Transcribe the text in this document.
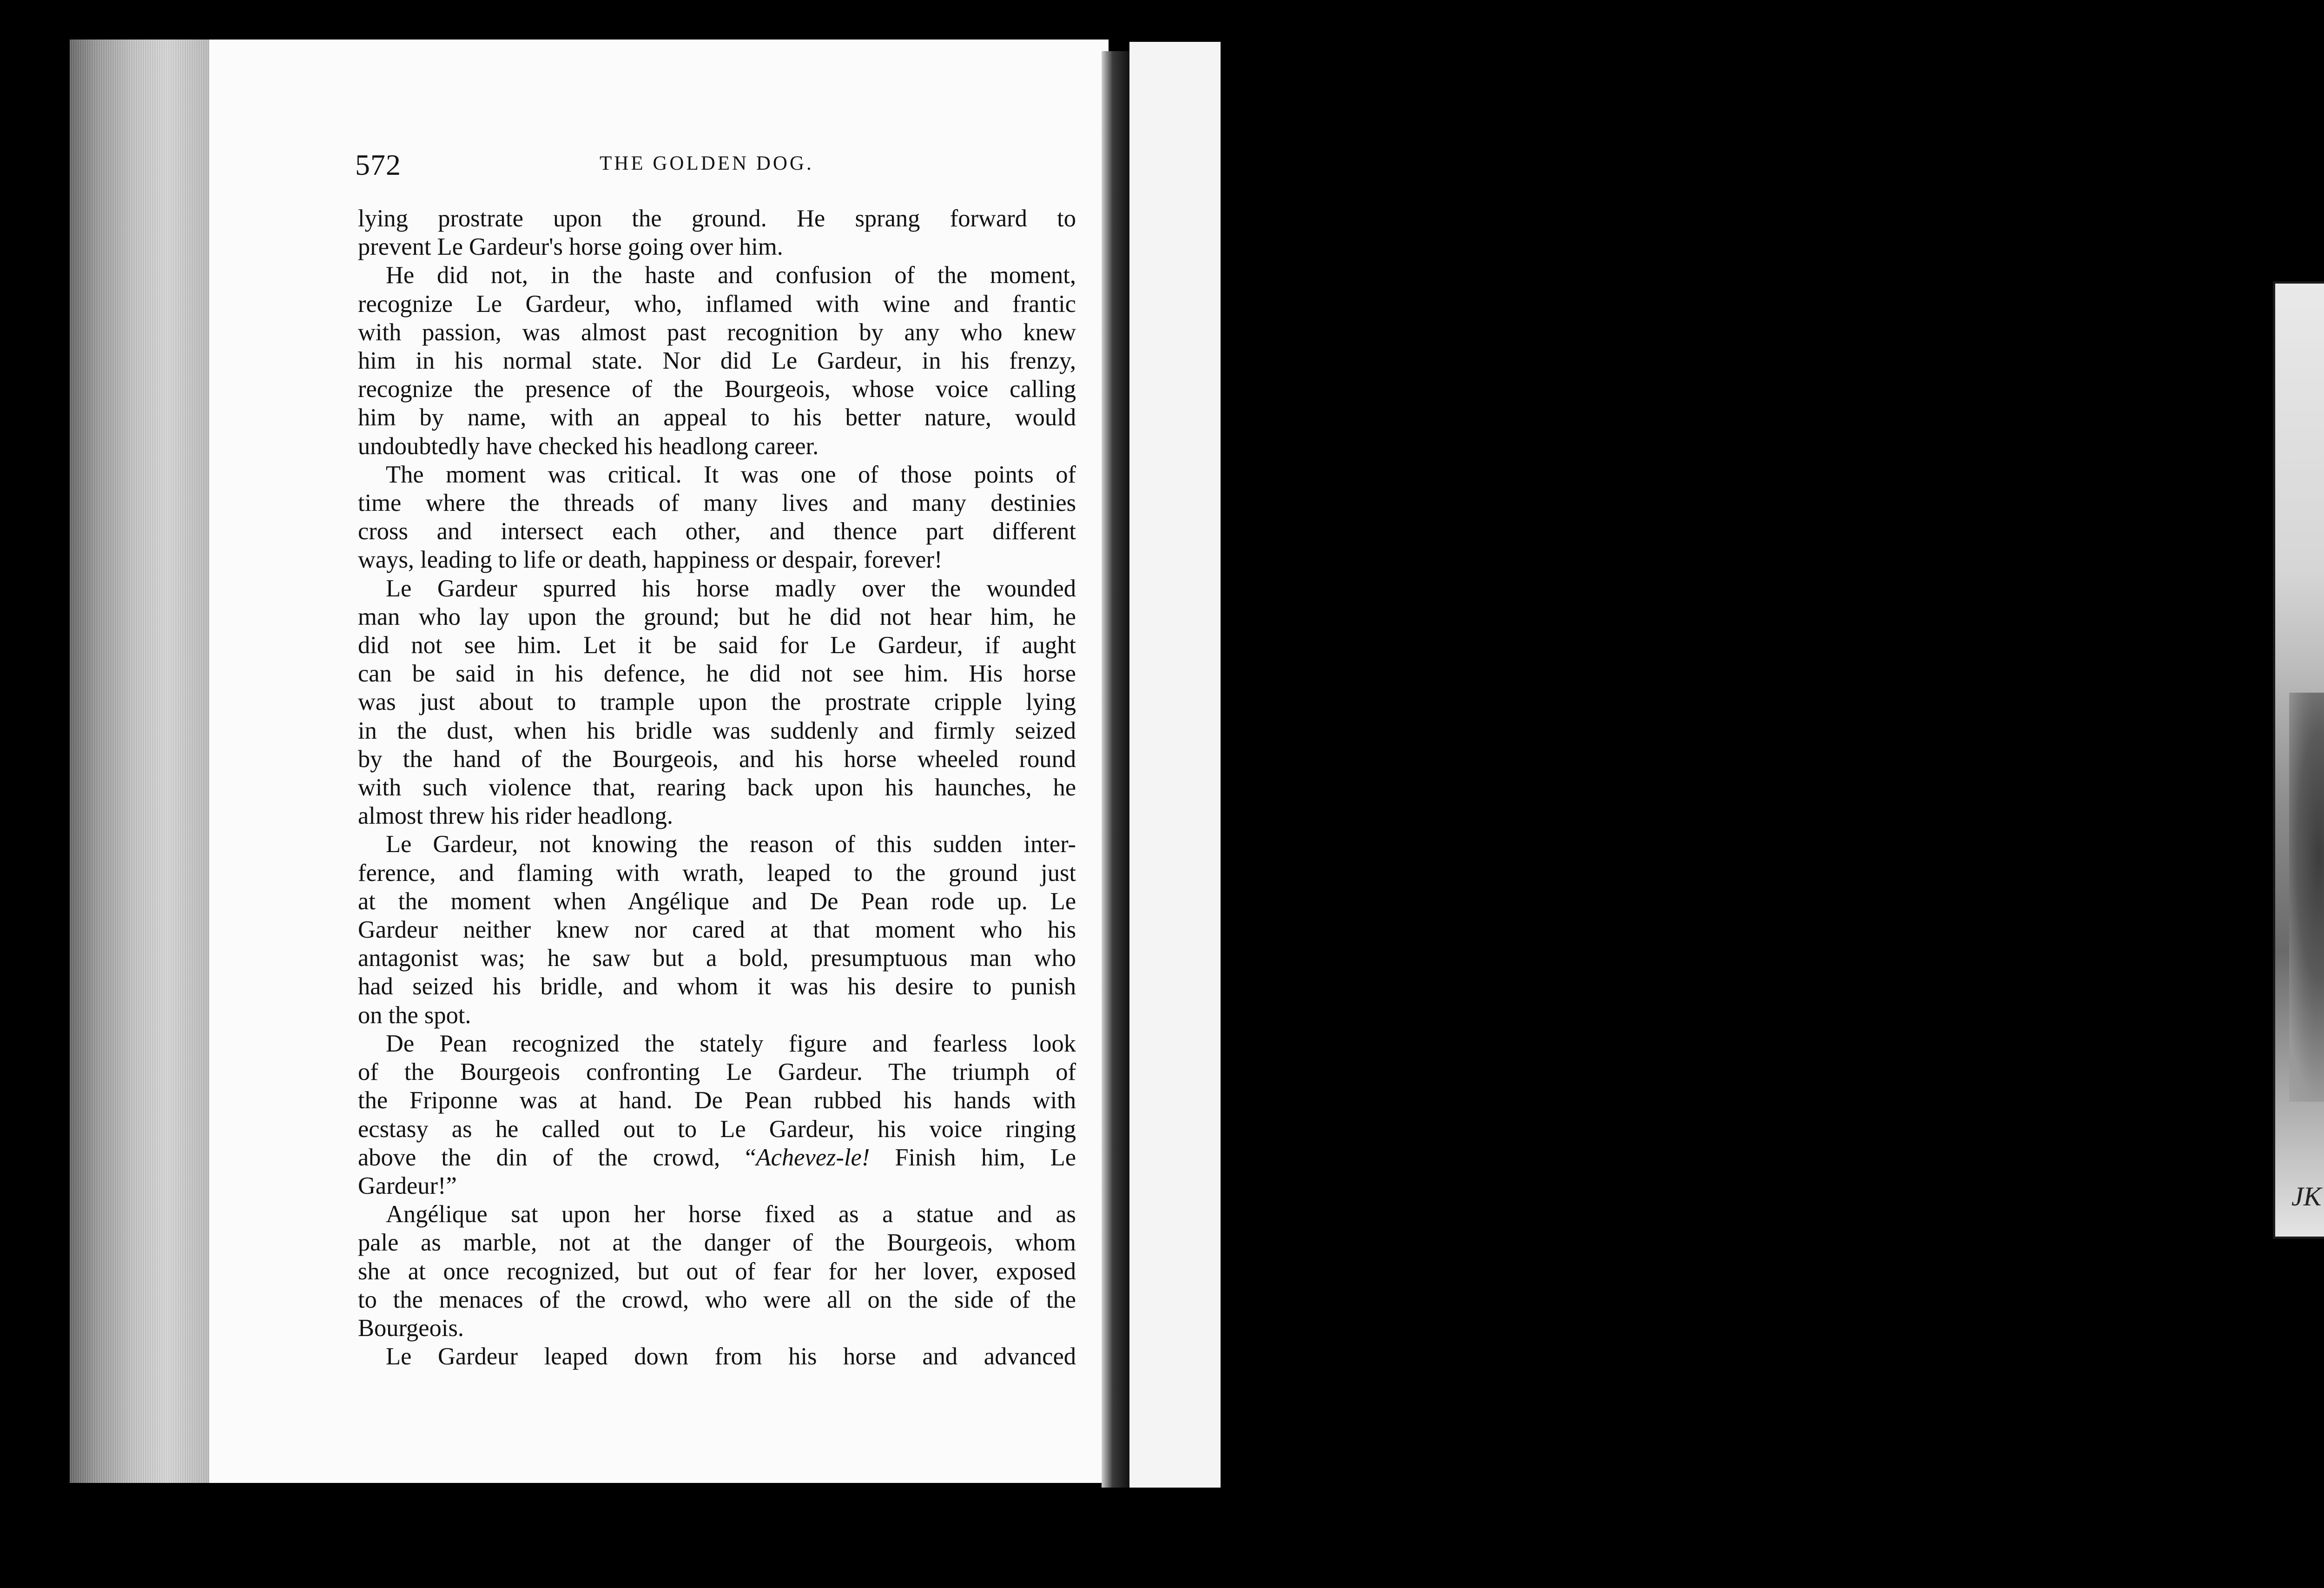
JK
572	THE GOLDEN DOG.
lying prostrate upon the ground. He sprang forward to
prevent Le Gardeur's horse going over him.
He did not, in the haste and confusion of the moment,
recognize Le Gardeur, who, inflamed with wine and frantic
with passion, was almost past recognition by any who knew
him in his normal state. Nor did Le Gardeur, in his frenzy,
recognize the presence of the Bourgeois, whose voice calling
him by name, with an appeal to his better nature, would
undoubtedly have checked his headlong career.
The moment was critical. It was one of those points of
time where the threads of many lives and many destinies
cross and intersect each other, and thence part different
ways, leading to life or death, happiness or despair, forever!
Le Gardeur spurred his horse madly over the wounded
man who lay upon the ground; but he did not hear him, he
did not see him. Let it be said for Le Gardeur, if aught
can be said in his defence, he did not see him. His horse
was just about to trample upon the prostrate cripple lying
in the dust, when his bridle was suddenly and firmly seized
by the hand of the Bourgeois, and his horse wheeled round
with such violence that, rearing back upon his haunches, he
almost threw his rider headlong.
Le Gardeur, not knowing the reason of this sudden inter-
ference, and flaming with wrath, leaped to the ground just
at the moment when Angélique and De Pean rode up. Le
Gardeur neither knew nor cared at that moment who his
antagonist was; he saw but a bold, presumptuous man who
had seized his bridle, and whom it was his desire to punish
on the spot.
De Pean recognized the stately figure and fearless look
of the Bourgeois confronting Le Gardeur. The triumph of
the Friponne was at hand. De Pean rubbed his hands with
ecstasy as he called out to Le Gardeur, his voice ringing
above the din of the crowd, “Achevez-le! Finish him, Le
Gardeur!”
Angélique sat upon her horse fixed as a statue and as
pale as marble, not at the danger of the Bourgeois, whom
she at once recognized, but out of fear for her lover, exposed
to the menaces of the crowd, who were all on the side of the
Bourgeois.
Le Gardeur leaped down from his horse and advanced
